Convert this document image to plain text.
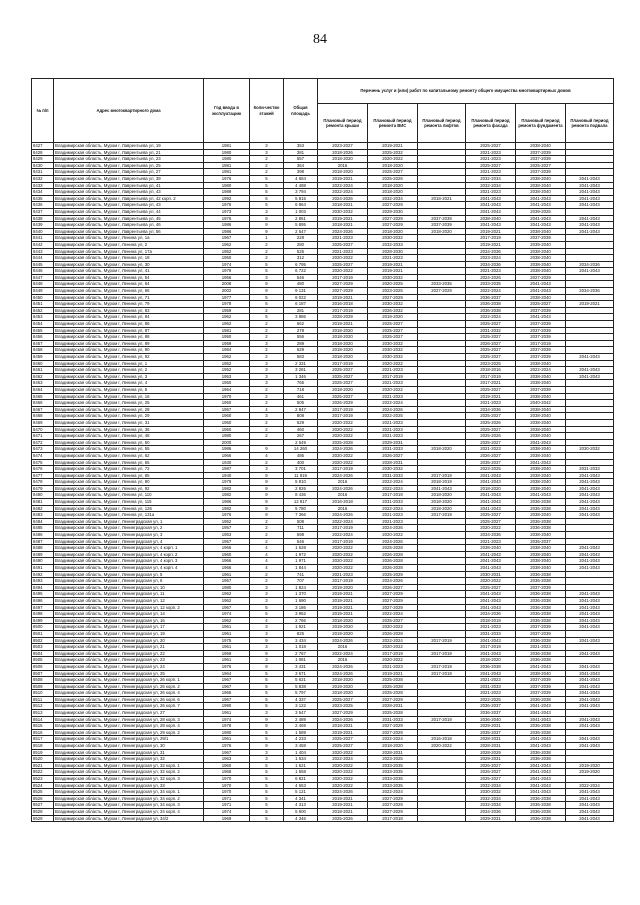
84
№ п/п	Адрес многоквартирного дома	Год ввода в эксплуатацию	Коли-чество этажей	Общая площадь	Перечень услуг и (или) работ по капитальному ремонту общего имущества многоквартирных домов					
					Плановый период ремонта крыши	Плановый период ремонта ВИС	Плановый период ремонта лифтов	Плановый период ремонта фасада	Плановый период ремонта фундамента	Плановый период ремонта подвала
8427	Владимирская область, Муром г, Лаврентьева ул, 19	1981	3	353	2023-2027	2019-2021		2025-2027	2038-2040	
8428	Владимирская область, Муром г, Лаврентьева ул, 21	1980	3	381	2018-2026	2025-2032		2021-2023	2037-2039	
8429	Владимирская область, Муром г, Лаврентьева ул, 23	1980	2	557	2018-2020	2020-2022		2021-2023	2037-2039	
8430	Владимирская область, Муром г, Лаврентьева ул, 25	1981	2	364	2016	2018-2020		2025-2027	2025-2027	
8431	Владимирская область, Муром г, Лаврентьева ул, 27	1981	2	398	2018-2020	2025-2027		2021-2023	2037-2039	
8432	Владимирская область, Муром г, Лаврентьева ул, 39	1976	5	4 684	2019-2021	2025-2026		2032-2034	2038-2040	2041-2043
8433	Владимирская область, Муром г, Лаврентьева ул, 41	1980	5	4 488	2022-2024	2018-2020		2032-2034	2038-2040	2041-2043
8434	Владимирская область, Муром г, Лаврентьева ул, 43	1989	5	3 794	2022-2024	2018-2020		2021-2023	2038-2040	2041-2043
8435	Владимирская область, Муром г, Лаврентьева ул, 42 корп. 2	1992	6	5 815	2024-2026	2032-2034	2018-2021	2041-2043	2041-2043	2041-2043
8436	Владимирская область, Муром г, Лаврентьева ул, 43	1976	5	6 864	2018-2021	2027-2029		2041-2043	2041-2043	2041-2043
8437	Владимирская область, Муром г, Лаврентьева ул, 44	1973	3	1 003	2030-2032	2029-2030		2041-2043	2039-2025	
8438	Владимирская область, Муром г, Лаврентьева ул, 45	1976	9	2 861	2019-2021	2027-2029	2037-2039	2038-2040	2041-2043	2041-2043
8439	Владимирская область, Муром г, Лаврентьева ул, 46	1986	9	5 895	2018-2021	2027-2029	2037-2039	2041-2043	2041-2043	2041-2043
8440	Владимирская область, Муром г, Лаврентьева ул, 56	1986	9	2 547	2024-2026	2018-2020	2018-2020	2019-2021	2038-2040	2041-2043
8441	Владимирская область, Муром г, Ленина ул, 1а	1967	1	228	2021-2023	2030-2032		2017-2019	2037-2039	
8442	Владимирская область, Муром г, Ленина ул, 2	1962	2	280	2025-2027	2032-2033		2019-2021	2039-2040	
8443	Владимирская область, Муром г, Ленина ул, 17а	1952	2	525	2021-2023	2028-2030		2034-2036	2038-2040	
8444	Владимирская область, Муром г, Ленина ул, 18	1950	2	312	2020-2022	2021-2023		2023-2024	2038-2040	
8445	Владимирская область, Муром г, Ленина ул, 30	1974	5	6 795	2025-2027	2019-2021		2034-2036	2038-2040	2034-2036
8446	Владимирская область, Муром г, Ленина ул, 41	1979	5	6 722	2020-2022	2019-2021		2021-2023	2038-2040	2041-2043
8447	Владимирская область, Муром г, Ленина ул, 54	1956	3	546	2017-2019	2030-2032		2024-2026	2027-2029	
8448	Владимирская область, Муром г, Ленина ул, 64	2008	9	480	2027-2029	2020-2025	2033-2035	2033-2035	2041-2043	
8449	Владимирская область, Муром г, Ленина ул, 66	2002	9	9 131	2027-2029	2023-2025	2027-2029	2022-2024	2041-2043	2034-2036
8450	Владимирская область, Муром г, Ленина ул, 71	1977	5	6 022	2019-2021	2027-2029		2036-2037	2038-2040	
8451	Владимирская область, Муром г, Ленина ул, 79	1978	5	6 187	2016-2018	2030-2032		2036-2038	2025-2027	2019-2021
8452	Владимирская область, Муром г, Ленина ул, 83	1959	2	281	2017-2019	2026-2032		2036-2038	2037-2039	
8453	Владимирская область, Муром г, Ленина ул, 84	1962	5	3 886	2028-2029	2019-2020		2022-2024	2041-2043	
8454	Владимирская область, Муром г, Ленина ул, 86	1962	2	662	2019-2021	2025-2027		2025-2027	2037-2039	
8455	Владимирская область, Муром г, Ленина ул, 87	1981	2	278	2018-2020	2025-2027		2031-2032	2037-2039	
8456	Владимирская область, Муром г, Ленина ул, 88	1950	2	556	2018-2020	2025-2027		2025-2027	2037-2039	
8457	Владимирская область, Муром г, Ленина ул, 89	1959	3	289	2018-2020	2030-2032		2026-2027	2017-2019	
8458	Владимирская область, Муром г, Ленина ул, 90	1984	2	629	2018-2020	2030-2032		2025-2027	2037-2039	
8459	Владимирская область, Муром г, Ленина ул, 92	1962	2	583	2018-2020	2030-2032		2025-2027	2037-2039	2041-2043
8460	Владимирская область, Муром г, Ленина ул, 1	1952	3	2 331	2017-2019	2020-2022		2023-2025	2038-2040	
8461	Владимирская область, Муром г, Ленина ул, 2	1952	3	3 281	2025-2027	2021-2023		2018-2016	2022-2024	2041-2043
8462	Владимирская область, Муром г, Ленина ул, 3	1953	3	1 346	2025-2027	2017-2019		2017-2019	2038-2040	2041-2043
8463	Владимирская область, Муром г, Ленина ул, 4	1950	3	765	2025-2027	2021-2023		2017-2021	2038-2040	
8464	Владимирская область, Муром г, Ленина ул, 5	1964	2	718	2018-2020	2020-2022		2025-2027	2037-2039	
8465	Владимирская область, Муром г, Ленина ул, 16	1970	2	461	2025-2027	2021-2023		2019-2021	2038-2040	
8466	Владимирская область, Муром г, Ленина ул, 25	1950	2	505	2026-2029	2022-2024		2021-2023	2040-2042	
8467	Владимирская область, Муром г, Ленина ул, 28	1957	4	2 847	2017-2019	2024-2026		2034-2036	2038-2040	
8468	Владимирская область, Муром г, Ленина ул, 29	1960	3	808	2017-2019	2022-2025		2025-2027	2038-2040	
8469	Владимирская область, Муром г, Ленина ул, 31	1950	2	529	2020-2022	2021-2023		2025-2026	2038-2040	
8470	Владимирская область, Муром г, Ленина ул, 36	1950	2	460	2020-2022	2021-2023		2025-2027	2038-2040	
8471	Владимирская область, Муром г, Ленина ул, 48	1980	2	267	2020-2022	2021-2023		2025-2026	2038-2040	
8472	Владимирская область, Муром г, Ленина ул, 50	2000		2 649	2025-2028	2029-2031		2025-2027	2041-2043	
8473	Владимирская область, Муром г, Ленина ул, 55	1986	9	14 260	2024-2026	2031-2033	2018-2020	2021-2023	2038-2040	2030-2032
8474	Владимирская область, Муром г, Ленина ул, 62	1966	4	486	2020-2022	2026-2027		2026-2027	2038-2040	
8475	Владимирская область, Муром г, Ленина ул, 65	1930	2	400	2020-2022	2028-2031		2035-2037	2041-2043	
8476	Владимирская область, Муром г, Ленина ул, 72	1987	3	3 701	2017-2019	2030-2032		2023-2025	2038-2040	2031-2033
8477	Владимирская область, Муром г, Ленина ул, 85	1940	9	11 819	2024-2026	2031-2033	2017-2019	2041-2043	2038-2040	2041-2043
8478	Владимирская область, Муром г, Ленина ул, 90	1979	9	5 810	2016	2022-2024	2018-2019	2041-2043	2038-2040	2041-2043
8479	Владимирская область, Муром г, Ленина ул, 92	1982	9	2 826	2024-2026	2022-2024	2041-2043	2018-2020	2038-2040	2041-2043
8480	Владимирская область, Муром г, Ленина ул, 110	1982	9	8 436	2016	2017-2019	2018-2020	2041-2043	2041-2043	2041-2043
8481	Владимирская область, Муром г, Ленина ул, 115	1986	9	12 817	2016-2018	2031-2033	2018-2020	2041-2043	2036-2038	2041-2043
8482	Владимирская область, Муром г, Ленина ул, 126	1982	9	5 780	2016	2022-2024	2018-2020	2041-2043	2036-2038	2041-2043
8483	Владимирская область, Муром г, Ленина ул, 131а	1976	9	7 366	2024-2026	2021-2023	2017-2019	2025-2027	2038-2040	2041-2043
8484	Владимирская область, Муром г, Ленинградская ул, 1	1952	2	508	2022-2024	2021-2023		2025-2027	2036-2038	
8485	Владимирская область, Муром г, Ленинградская ул, 2	1957	2	711	2017-2019	2024-2026		2020-2022	2036-2038	
8486	Владимирская область, Муром г, Ленинградская ул, 3	1953	2	598	2022-2024	2020-2022		2034-2036	2038-2040	
8487	Владимирская область, Муром г, Ленинградская ул, 4	1957	2	546	2017-2019	2024-2026		2021-2023	2035-2037	
8488	Владимирская область, Муром г, Ленинградская ул, 4 корп. 1	1966	4	1 628	2020-2022	2025-2028		2038-2040	2038-2040	2041-2043
8489	Владимирская область, Муром г, Ленинградская ул, 4 корп. 2	1960	4	1 972	2020-2022	2026-2028		2041-2043	2038-2040	2041-2043
8490	Владимирская область, Муром г, Ленинградская ул, 4 корп. 3	1966	4	1 971	2020-2022	2026-2028		2041-2043	2038-2040	2041-2043
8491	Владимирская область, Муром г, Ленинградская ул, 4 корп. 4	1966	4	1 844	2020-2022	2026-2028		2041-2043	2038-2040	2041-2043
8492	Владимирская область, Муром г, Ленинградская ул, 5	1961	2	741	2021-2023	2025-2029		2030-2031	2036-2038	
8493	Владимирская область, Муром г, Ленинградская ул, 6	1957	2	707	2017-2019	2024-2026		2020-2022	2036-2038	
8494	Владимирская область, Муром г, Ленинградская ул, 10	1980	3	1 824	2019-2020	2026-2027		2025-2027	2037-2039	
8495	Владимирская область, Муром г, Ленинградская ул, 11	1962	3	1 370	2019-2021	2027-2029		2041-2043	2036-2038	2041-2043
8496	Владимирская область, Муром г, Ленинградская ул, 12	1962	3	1 690	2019-2021	2027-2029		2041-2043	2036-2038	2041-2043
8497	Владимирская область, Муром г, Ленинградская ул, 12 корп. 2	1967	5	3 186	2019-2021	2027-2029		2041-2043	2036-2038	2041-2043
8498	Владимирская область, Муром г, Ленинградская ул, 14	1974	5	3 952	2019-2021	2022-2024		2034-2036	2036-2038	2041-2043
8499	Владимирская область, Муром г, Ленинградская ул, 16	1962	4	2 766	2018-2020	2025-2027		2018-2019	2036-2038	2041-2043
8500	Владимирская область, Муром г, Ленинградская ул, 17	1961	3	1 921	2019-2020	2020-2022		2021-2023	2037-2039	2041-2043
8501	Владимирская область, Муром г, Ленинградская ул, 19	1961	3	825	2019-2020	2026-2028		2031-2033	2037-2039	
8502	Владимирская область, Муром г, Ленинградская ул, 20	1975	9	3 434	2024-2026	2022-2024	2017-2019	2041-2043	2036-2038	2041-2043
8503	Владимирская область, Муром г, Ленинградская ул, 21	1961	3	1 018	2016	2020-2022		2017-2019	2021-2023	
8504	Владимирская область, Муром г, Ленинградская ул, 22	1959	9	2 767	2022-2024	2017-2019	2017-2019	2041-2043	2036-2038	2041-2043
8505	Владимирская область, Муром г, Ленинградская ул, 23	1961	3	1 081	2016	2020-2022		2018-2020	2036-2038	
8506	Владимирская область, Муром г, Ленинградская ул, 24	1976	9	3 431	2024-2026	2021-2023	2017-2019	2036-2038	2041-2043	2041-2043
8507	Владимирская область, Муром г, Ленинградская ул, 25	1964	5	3 671	2024-2026	2019-2021	2017-2019	2041-2043	2038-2040	2041-2043
8508	Владимирская область, Муром г, Ленинградская ул, 26 корп. 1	1967	5	5 621	2018-2020	2025-2028		2021-2023	2037-2039	2041-2043
8509	Владимирская область, Муром г, Ленинградская ул, 26 корп. 2	1967	5	5 838	2019-2020	2025-2028		2031-2033	2037-2039	2041-2043
8510	Владимирская область, Муром г, Ленинградская ул, 26 корп. 4	1966	5	5 797	2018-2020	2025-2028		2021-2023	2037-2039	2041-2043
8511	Владимирская область, Муром г, Ленинградская ул, 26 корп. 6	1967	5	4 337	2025-2027	2027-2029		2022-2025	2036-2038	2041-2043
8512	Владимирская область, Муром г, Ленинградская ул, 26 корп. 7	1990	5	3 122	2023-2025	2028-2031		2036-2037	2041-2043	2041-2043
8513	Владимирская область, Муром г, Ленинградская ул, 27	1961	3	3 547	2027-2029	2025-2028		2036-2037	2041-2043	
8514	Владимирская область, Муром г, Ленинградская ул, 28 корп. 3	1974	9	2 489	2024-2026	2031-2033	2017-2019	2036-2040	2041-2043	2041-2043
8515	Владимирская область, Муром г, Ленинградская ул, 28 корп. 4	1978	9	2 469	2018-2021	2027-2029		2029-2031	2036-2038	2041-2043
8516	Владимирская область, Муром г, Ленинградская ул, 29 корп. 2	1980	5	1 589	2019-2021	2027-2029		2035-2037	2036-2038	
8517	Владимирская область, Муром г, Ленинградская ул, 29/1	1961	5	4 233	2025-2027	2022-2024	2016-2018	2028-2031	2041-2043	2041-2043
8518	Владимирская область, Муром г, Ленинградская ул, 30	1976	9	3 458	2025-2027	2018-2020	2020-2022	2028-2031	2041-2043	2041-2043
8519	Владимирская область, Муром г, Ленинградская ул, 31	1967	3	1 404	2020-2022	2028-2031		2028-2029	2036-2038	
8520	Владимирская область, Муром г, Ленинградская ул, 32	1963	3	1 634	2022-2024	2023-2025		2029-2031	2036-2038	
8521	Владимирская область, Муром г, Ленинградская ул, 32 корп. 1	1960	5	1 621	2020-2022	2033-2035		2026-2027	2041-2043	2019-2020
8522	Владимирская область, Муром г, Ленинградская ул, 32 корп. 2	1968	5	1 558	2020-2022	2033-2035		2026-2027	2041-2043	2019-2020
8523	Владимирская область, Муром г, Ленинградская ул, 32 корп. 3	1970	5	6 821	2020-2022	2033-2035		2025-2027	2041-2043	
8524	Владимирская область, Муром г, Ленинградская ул, 33	1970	5	4 653	2020-2022	2033-2035		2032-2034	2041-2043	2022-2024
8525	Владимирская область, Муром г, Ленинградская ул, 34 корп. 1	1970	5	5 121	2024-2026	2022-2024		2030-2032	2041-2043	2041-2043
8526	Владимирская область, Муром г, Ленинградская ул, 34 корп. 2	1971	5	4 341	2019-2021	2027-2029		2032-2034	2036-2038	2041-2043
8527	Владимирская область, Муром г, Ленинградская ул, 34 корп. 3	1971	5	4 313	2019-2021	2027-2029		2032-2034	2036-2038	2041-2043
8528	Владимирская область, Муром г, Ленинградская ул, 34 корп. 4	1974	5	5 600	2018-2021	2027-2029		2034-2036	2036-2038	2041-2043
8529	Владимирская область, Муром г, Ленинградская ул, 34/2	1969	5	4 346	2025-2026	2017-2018		2029-2031	2036-2038	2041-2043
